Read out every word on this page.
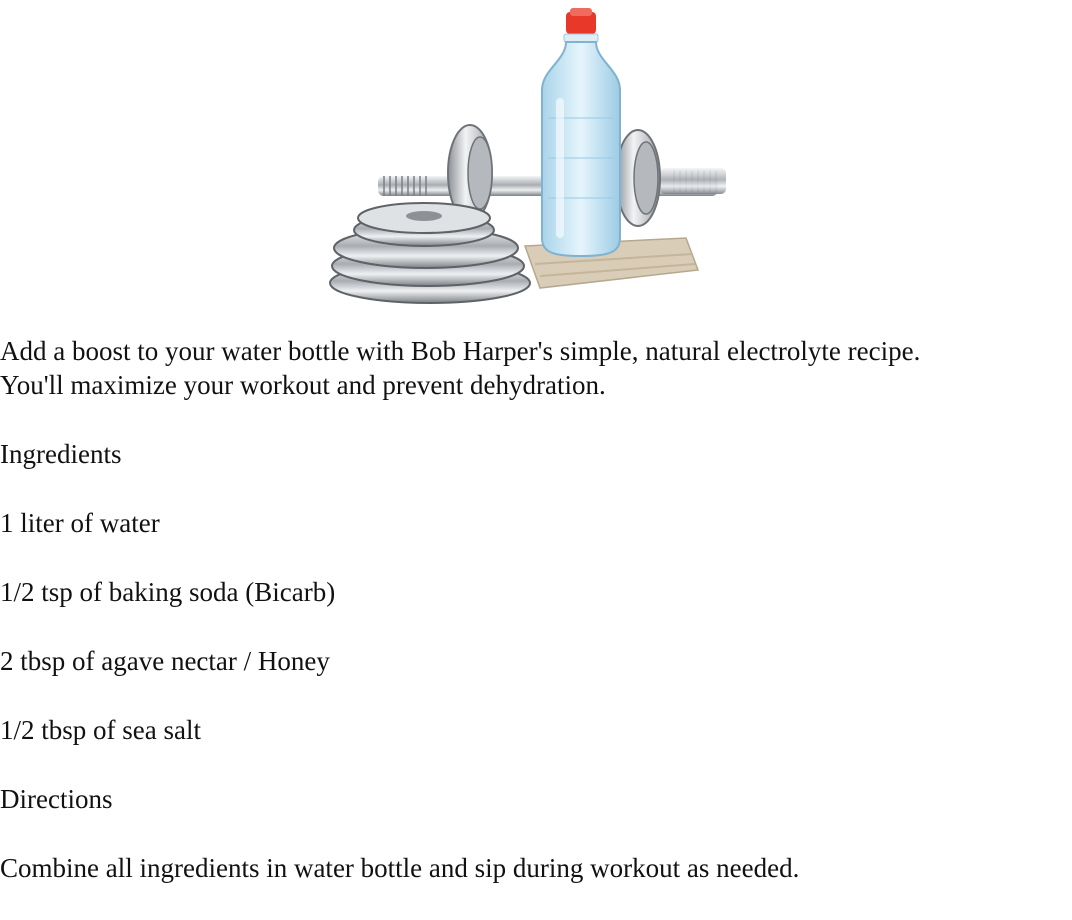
Add a boost to your water bottle with Bob Harper's simple, natural electrolyte recipe.
You'll maximize your workout and prevent dehydration.

Ingredients

1 liter of water

1/2 tsp of baking soda (Bicarb)

2 tbsp of agave nectar / Honey

1/2 tbsp of sea salt

Directions

Combine all ingredients in water bottle and sip during workout as needed.
